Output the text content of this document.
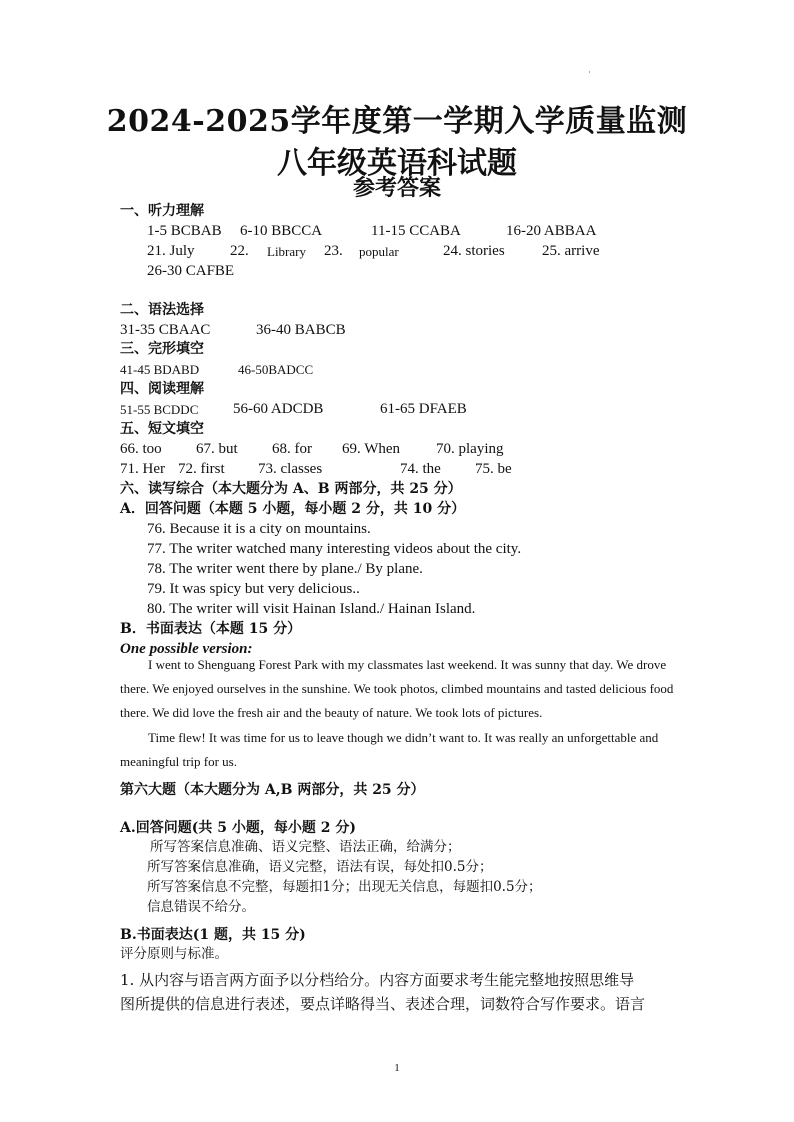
·
2024-2025学年度第一学期入学质量监测
八年级英语科试题
参考答案
一、听力理解
1-5 BCBAB 6-10 BBCCA	11-15 CCABA	16-20 ABBAA
21. July 22. Library 23. popular	24. stories 25. arrive
26-30 CAFBE
二、语法选择
31-35 CBAAC	36-40 BABCB
三、完形填空
41-45 BDABD	46-50BADCC
四、阅读理解
51-55 BCDDC 56-60 ADCDB	61-65 DFAEB
五、短文填空
66. too 67. but 68. for 69. When 70. playing
71. Her 72. first 73. classes	74. the 75. be
六、读写综合（本大题分为 A、B 两部分，共 25 分）
A．回答问题（本题 5 小题，每小题 2 分，共 10 分）
76. Because it is a city on mountains.
77. The writer watched many interesting videos about the city.
78. The writer went there by plane./ By plane.
79. It was spicy but very delicious..
80. The writer will visit Hainan Island./ Hainan Island.
B．书面表达（本题 15 分）
One possible version:
I went to Shenguang Forest Park with my classmates last weekend. It was sunny that day. We drove there. We enjoyed ourselves in the sunshine. We took photos, climbed mountains and tasted delicious food there. We did love the fresh air and the beauty of nature. We took lots of pictures.
Time flew! It was time for us to leave though we didn’t want to. It was really an unforgettable and meaningful trip for us.
第六大题（本大题分为 A,B 两部分，共 25 分）
A.回答问题(共 5 小题，每小题 2 分)
所写答案信息准确、语义完整、语法正确，给满分；
所写答案信息准确，语义完整，语法有误，每处扣0.5分；
所写答案信息不完整，每题扣1分；出现无关信息，每题扣0.5分；
信息错误不给分。
B.书面表达(1 题，共 15 分)
评分原则与标准。
1. 从内容与语言两方面予以分档给分。内容方面要求考生能完整地按照思维导
图所提供的信息进行表述，要点详略得当、表述合理，词数符合写作要求。语言
1
